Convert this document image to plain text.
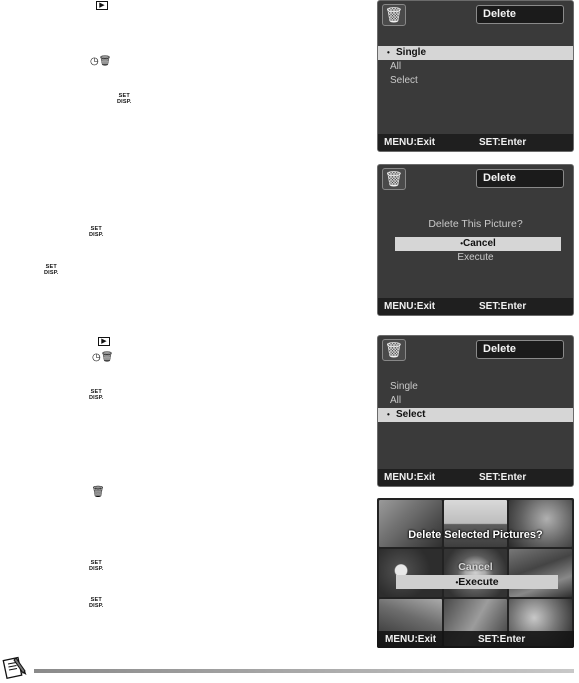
▶
◷🗑
SET
DISP.
SET
DISP.
SET
DISP.
▶
◷🗑
SET
DISP.
🗑
SET
DISP.
SET
DISP.
🗑	Delete
• Single
All
Select
MENU:Exit	SET:Enter
🗑	Delete
Delete This Picture?
• Cancel
Execute
MENU:Exit	SET:Enter
🗑	Delete
Single
All
• Select
MENU:Exit	SET:Enter
Delete Selected Pictures?
Cancel
• Execute
MENU:Exit	SET:Enter
